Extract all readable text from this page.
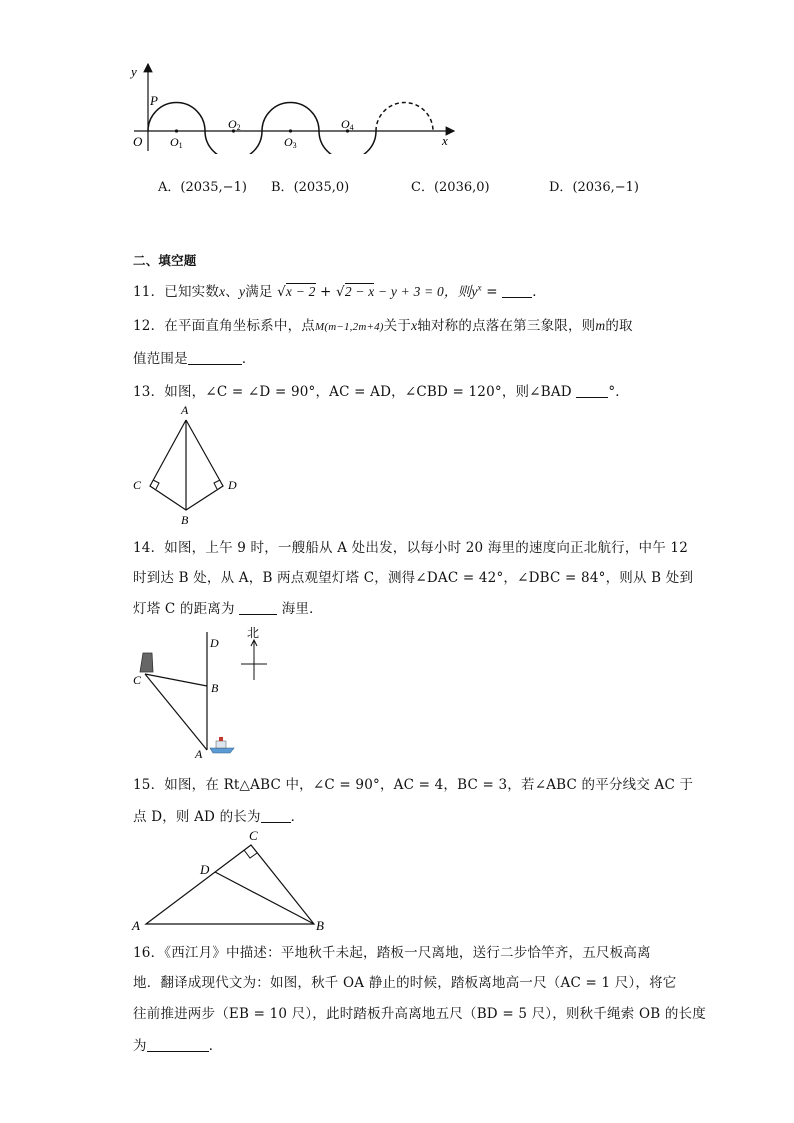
y
P
O O1
O2
O3
O4
x
A．(2035,−1) B．(2035,0)	C．(2036,0)	D．(2036,−1)
二、填空题
11．已知实数x、y满足 √x − 2 + √2 − x − y + 3 = 0，则$y^x$ = ．
12．在平面直角坐标系中，点M(m−1,2m+4)关于x轴对称的点落在第三象限，则m的取
值范围是	．
13．如图，∠C = ∠D = 90°，AC = AD，∠CBD = 120°，则∠BAD	°．
A
C	D
B
14．如图，上午 9 时，一艘船从 A 处出发，以每小时 20 海里的速度向正北航行，中午 12
时到达 B 处，从 A，B 两点观望灯塔 C，测得∠DAC = 42°，∠DBC = 84°，则从 B 处到
灯塔 C 的距离为	海里．
北
D
C
B
A
15．如图，在 Rt△ABC 中，∠C = 90°，AC = 4，BC = 3，若∠ABC 的平分线交 AC 于
点 D，则 AD 的长为 ．
C
D
A	B
16．《西江月》中描述：平地秋千未起，踏板一尺离地，送行二步恰竿齐，五尺板高离
地．翻译成现代文为：如图，秋千 OA 静止的时候，踏板离地高一尺（AC = 1 尺），将它
往前推进两步（EB = 10 尺），此时踏板升高离地五尺（BD = 5 尺），则秋千绳索 OB 的长度
为	．
